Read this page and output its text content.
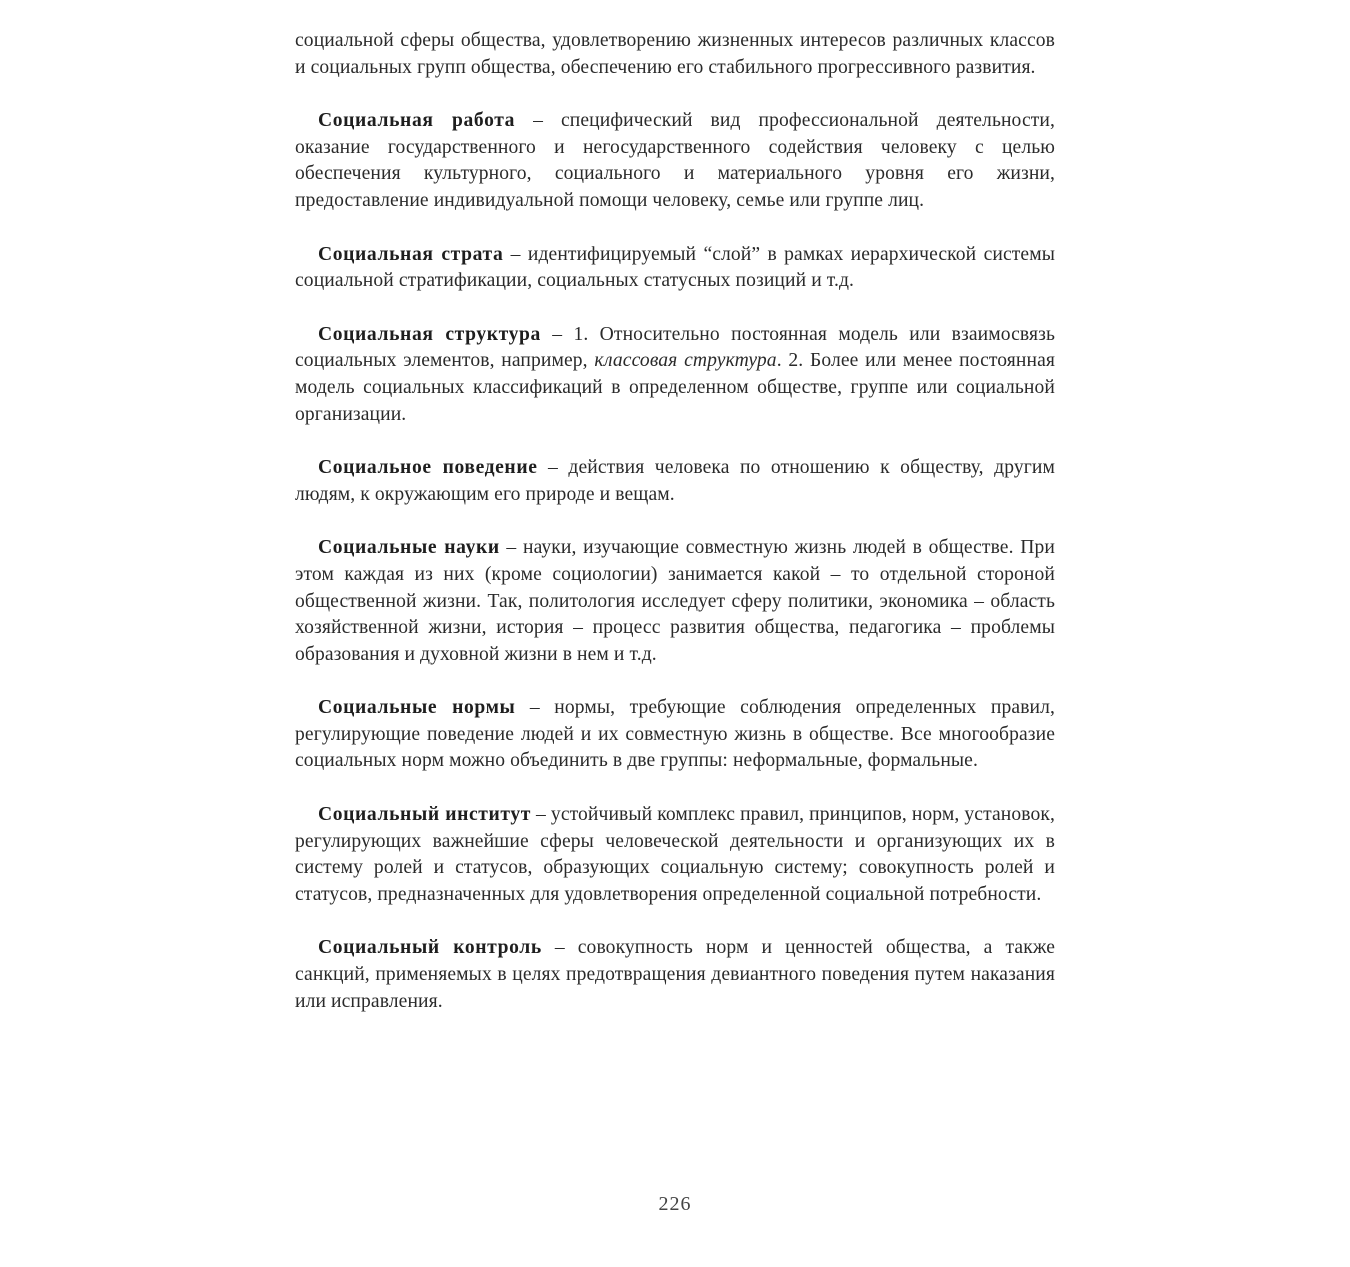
социальной сферы общества, удовлетворению жизненных интересов различных классов и социальных групп общества, обеспечению его стабильного прогрессивного развития.

Социальная работа – специфический вид профессиональной деятельности, оказание государственного и негосударственного содействия человеку с целью обеспечения культурного, социального и материального уровня его жизни, предоставление индивидуальной помощи человеку, семье или группе лиц.

Социальная страта – идентифицируемый “слой” в рамках иерархической системы социальной стратификации, социальных статусных позиций и т.д.

Социальная структура – 1. Относительно постоянная модель или взаимосвязь социальных элементов, например, классовая структура. 2. Более или менее постоянная модель социальных классификаций в определенном обществе, группе или социальной организации.

Социальное поведение – действия человека по отношению к обществу, другим людям, к окружающим его природе и вещам.

Социальные науки – науки, изучающие совместную жизнь людей в обществе. При этом каждая из них (кроме социологии) занимается какой – то отдельной стороной общественной жизни. Так, политология исследует сферу политики, экономика – область хозяйственной жизни, история – процесс развития общества, педагогика – проблемы образования и духовной жизни в нем и т.д.

Социальные нормы – нормы, требующие соблюдения определенных правил, регулирующие поведение людей и их совместную жизнь в обществе. Все многообразие социальных норм можно объединить в две группы: неформальные, формальные.

Социальный институт – устойчивый комплекс правил, принципов, норм, установок, регулирующих важнейшие сферы человеческой деятельности и организующих их в систему ролей и статусов, образующих социальную систему; совокупность ролей и статусов, предназначенных для удовлетворения определенной социальной потребности.

Социальный контроль – совокупность норм и ценностей общества, а также санкций, применяемых в целях предотвращения девиантного поведения путем наказания или исправления.

226
